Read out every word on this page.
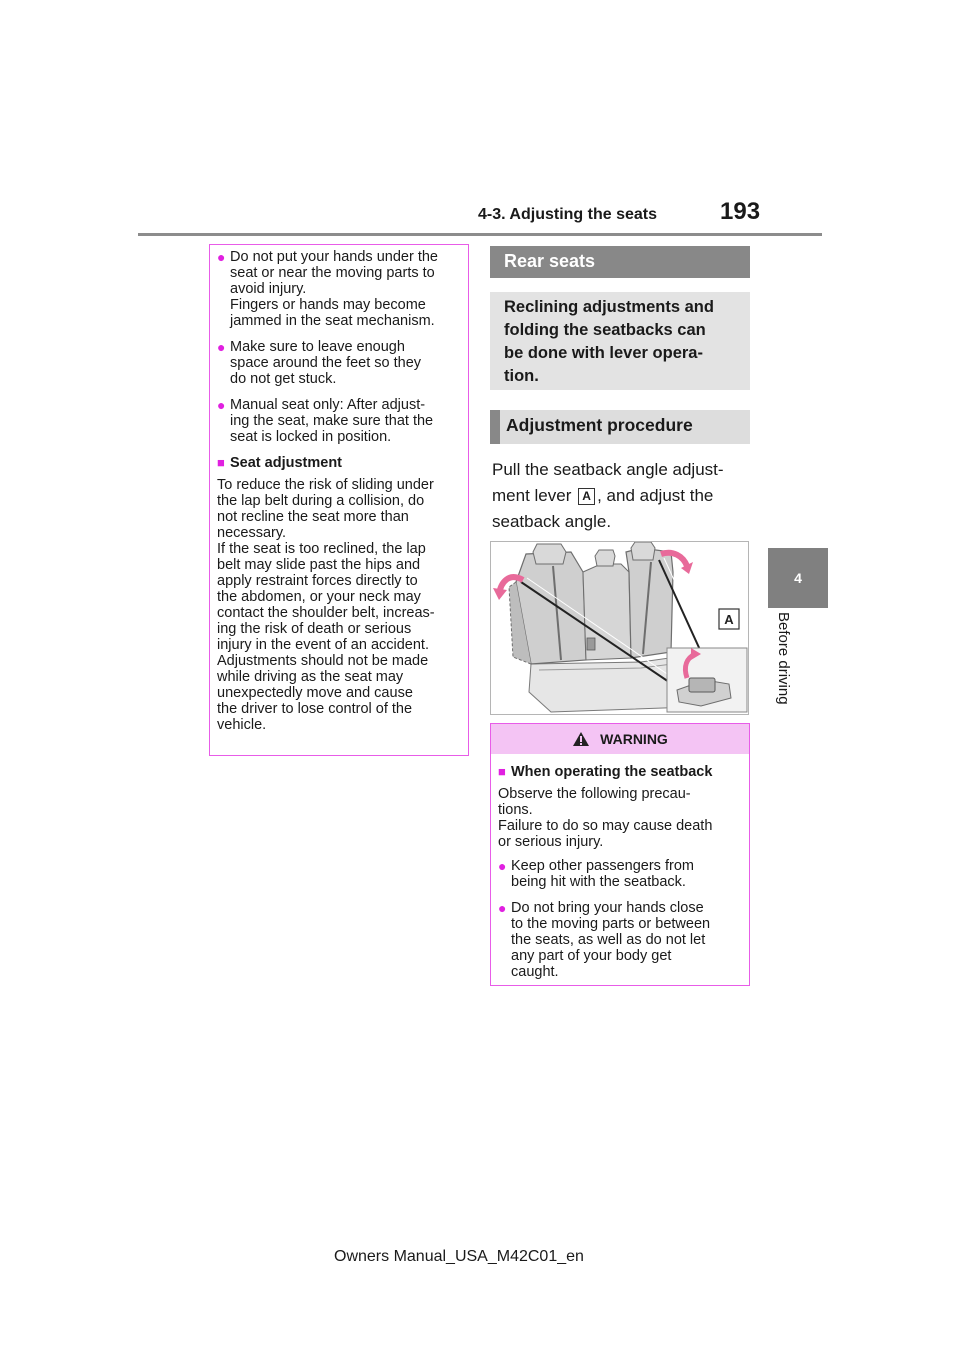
4-3. Adjusting the seats	193
4
Before driving
● Do not put your hands under the
seat or near the moving parts to
avoid injury.
Fingers or hands may become
jammed in the seat mechanism.
● Make sure to leave enough
space around the feet so they
do not get stuck.
● Manual seat only: After adjust-
ing the seat, make sure that the
seat is locked in position.
■ Seat adjustment
To reduce the risk of sliding under
the lap belt during a collision, do
not recline the seat more than
necessary.
If the seat is too reclined, the lap
belt may slide past the hips and
apply restraint forces directly to
the abdomen, or your neck may
contact the shoulder belt, increas-
ing the risk of death or serious
injury in the event of an accident.
Adjustments should not be made
while driving as the seat may
unexpectedly move and cause
the driver to lose control of the
vehicle.
Rear seats
Reclining adjustments and
folding the seatbacks can
be done with lever opera-
tion.
Adjustment procedure
Pull the seatback angle adjust-
ment lever A , and adjust the seatback angle.
A
WARNING
■ When operating the seatback
Observe the following precau-
tions.
Failure to do so may cause death
or serious injury.
● Keep other passengers from
being hit with the seatback.
● Do not bring your hands close
to the moving parts or between
the seats, as well as do not let
any part of your body get
caught.
Owners Manual_USA_M42C01_en
